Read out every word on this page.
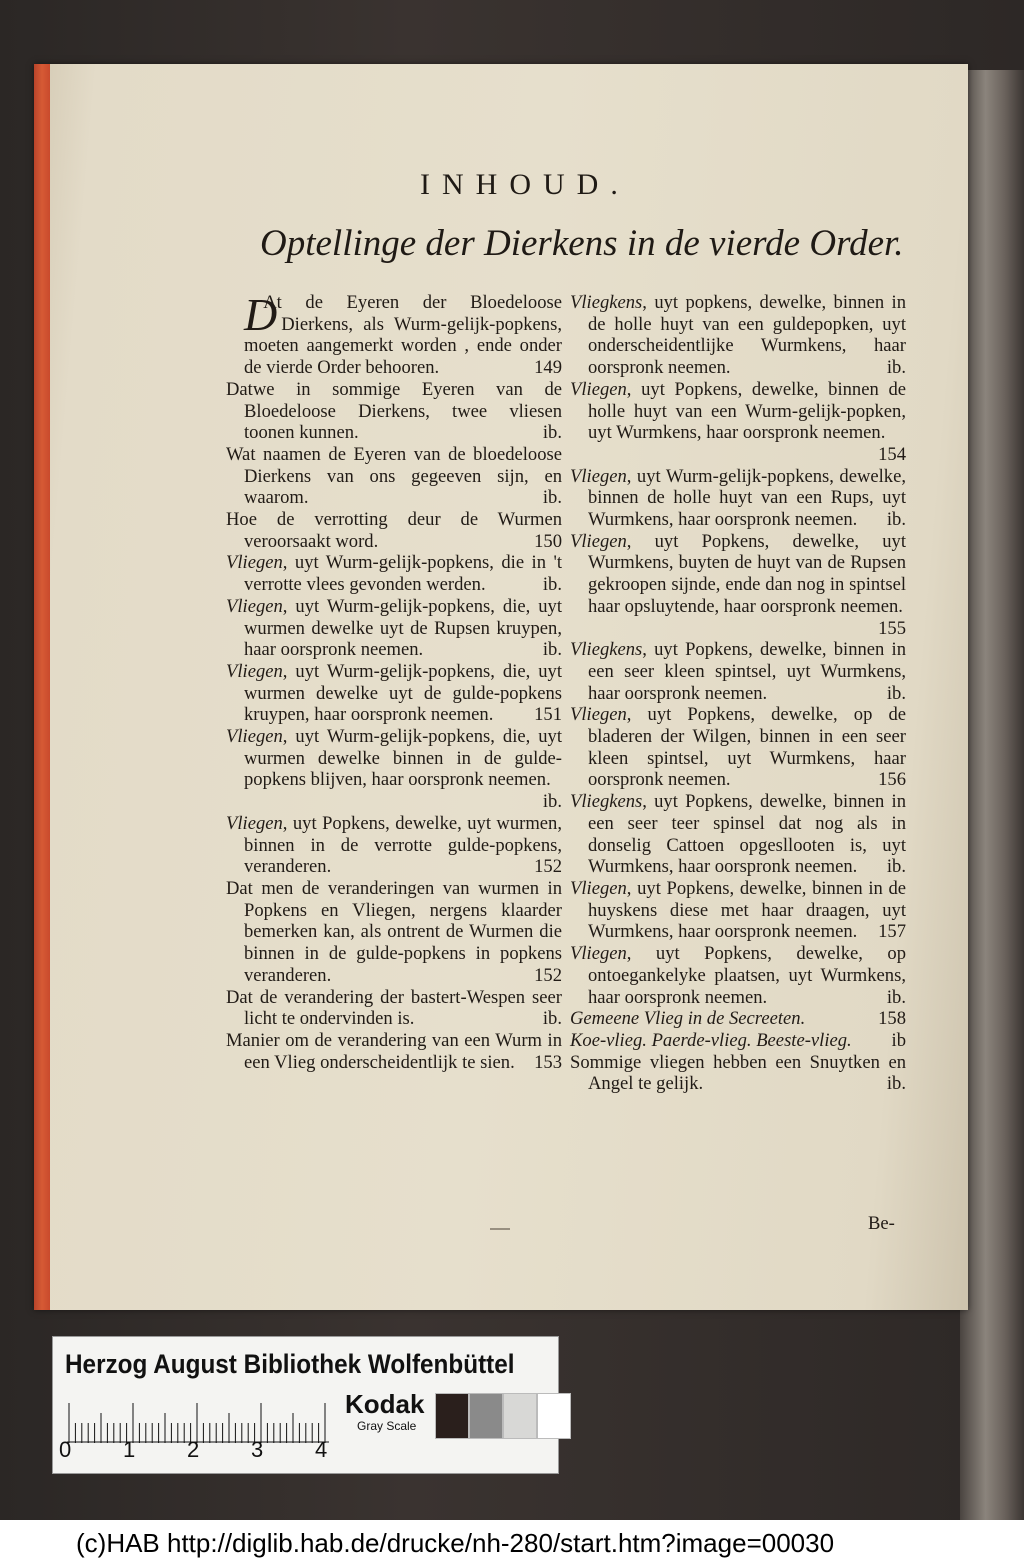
INHOUD.
Optellinge der Dierkens in de vierde Order.

D
At de Eyeren der Bloedeloose Dierkens, als Wurm-gelijk-popkens, moeten aangemerkt worden , ende onder de vierde Order behooren.	149

Datwe in sommige Eyeren van de Bloedeloose Dierkens, twee vliesen toonen kunnen.	ib.

Wat naamen de Eyeren van de bloedeloose Dierkens van ons gegeeven sijn, en waarom.	ib.

Hoe de verrotting deur de Wurmen veroorsaakt word.	150

Vliegen, uyt Wurm-gelijk-popkens, die in 't verrotte vlees gevonden werden.	ib.

Vliegen, uyt Wurm-gelijk-popkens, die, uyt wurmen dewelke uyt de Rupsen kruypen, haar oorspronk neemen.	ib.

Vliegen, uyt Wurm-gelijk-popkens, die, uyt wurmen dewelke uyt de gulde-popkens kruypen, haar oorspronk neemen.	151

Vliegen, uyt Wurm-gelijk-popkens, die, uyt wurmen dewelke binnen in de gulde-popkens blijven, haar oorspronk neemen.
ib.

Vliegen, uyt Popkens, dewelke, uyt wurmen, binnen in de verrotte gulde-popkens, veranderen.	152

Dat men de veranderingen van wurmen in Popkens en Vliegen, nergens klaarder bemerken kan, als ontrent de Wurmen die binnen in de gulde-popkens in popkens veranderen.	152

Dat de verandering der bastert-Wespen seer licht te ondervinden is.	ib.

Manier om de verandering van een Wurm in een Vlieg onderscheidentlijk te sien.	153

Vliegkens, uyt popkens, dewelke, binnen in de holle huyt van een guldepopken, uyt onderscheidentlijke Wurmkens, haar oorspronk neemen.	ib.

Vliegen, uyt Popkens, dewelke, binnen de holle huyt van een Wurm-gelijk-popken, uyt Wurmkens, haar oorspronk neemen.
154

Vliegen, uyt Wurm-gelijk-popkens, dewelke, binnen de holle huyt van een Rups, uyt Wurmkens, haar oorspronk neemen.	ib.

Vliegen, uyt Popkens, dewelke, uyt Wurmkens, buyten de huyt van de Rupsen gekroopen sijnde, ende dan nog in spintsel haar opsluytende, haar oorspronk neemen.
155

Vliegkens, uyt Popkens, dewelke, binnen in een seer kleen spintsel, uyt Wurmkens, haar oorspronk neemen.	ib.

Vliegen, uyt Popkens, dewelke, op de bladeren der Wilgen, binnen in een seer kleen spintsel, uyt Wurmkens, haar oorspronk neemen.	156

Vliegkens, uyt Popkens, dewelke, binnen in een seer teer spinsel dat nog als in donselig Cattoen opgesllooten is, uyt Wurmkens, haar oorspronk neemen.	ib.

Vliegen, uyt Popkens, dewelke, binnen in de huyskens diese met haar draagen, uyt Wurmkens, haar oorspronk neemen.	157

Vliegen, uyt Popkens, dewelke, op ontoegankelyke plaatsen, uyt Wurmkens, haar oorspronk neemen.	ib.

Gemeene Vlieg in de Secreeten.	158

Koe-vlieg. Paerde-vlieg. Beeste-vlieg.	ib

Sommige vliegen hebben een Snuytken en Angel te gelijk.	ib.

Be-
Herzog August Bibliothek Wolfenbüttel
0 1 2 3 4
Kodak
Gray Scale
(c)HAB http://diglib.hab.de/drucke/nh-280/start.htm?image=00030
